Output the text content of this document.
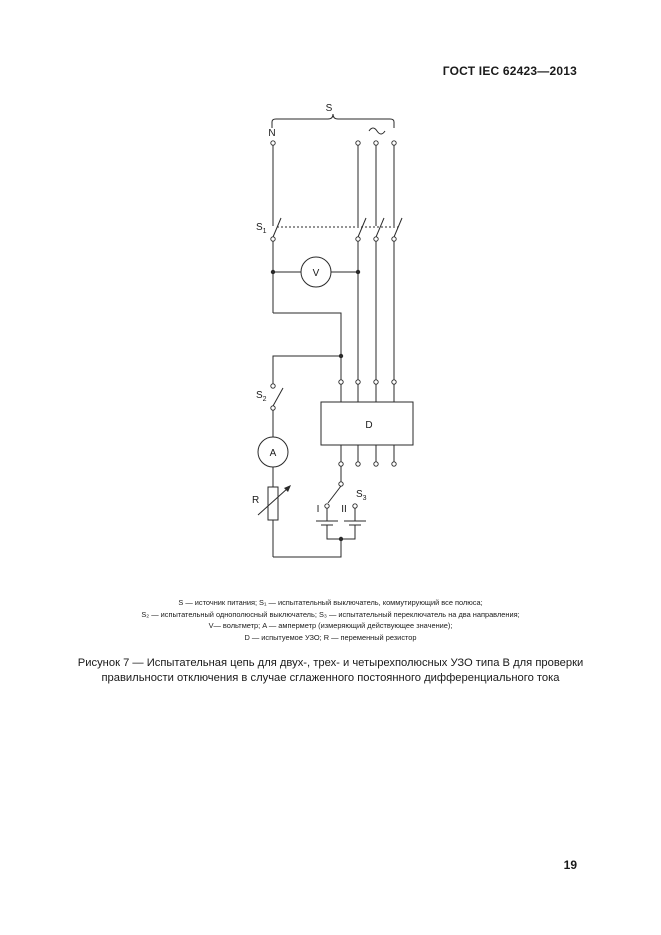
ГОСТ IEC 62423—2013
S
N
$S_1$
V
D
$S_2$
A
R
$S_3$
I II
S — источник питания; S₁ — испытательный выключатель, коммутирующий все полюса;
S₂ — испытательный однополюсный выключатель; S₃ — испытательный переключатель на два направления;
V— вольтметр; A — амперметр (измеряющий действующее значение);
D — испытуемое УЗО; R — переменный резистор
Рисунок 7 — Испытательная цепь для двух-, трех- и четырехполюсных УЗО типа В для проверки
правильности отключения в случае сглаженного постоянного дифференциального тока
19
